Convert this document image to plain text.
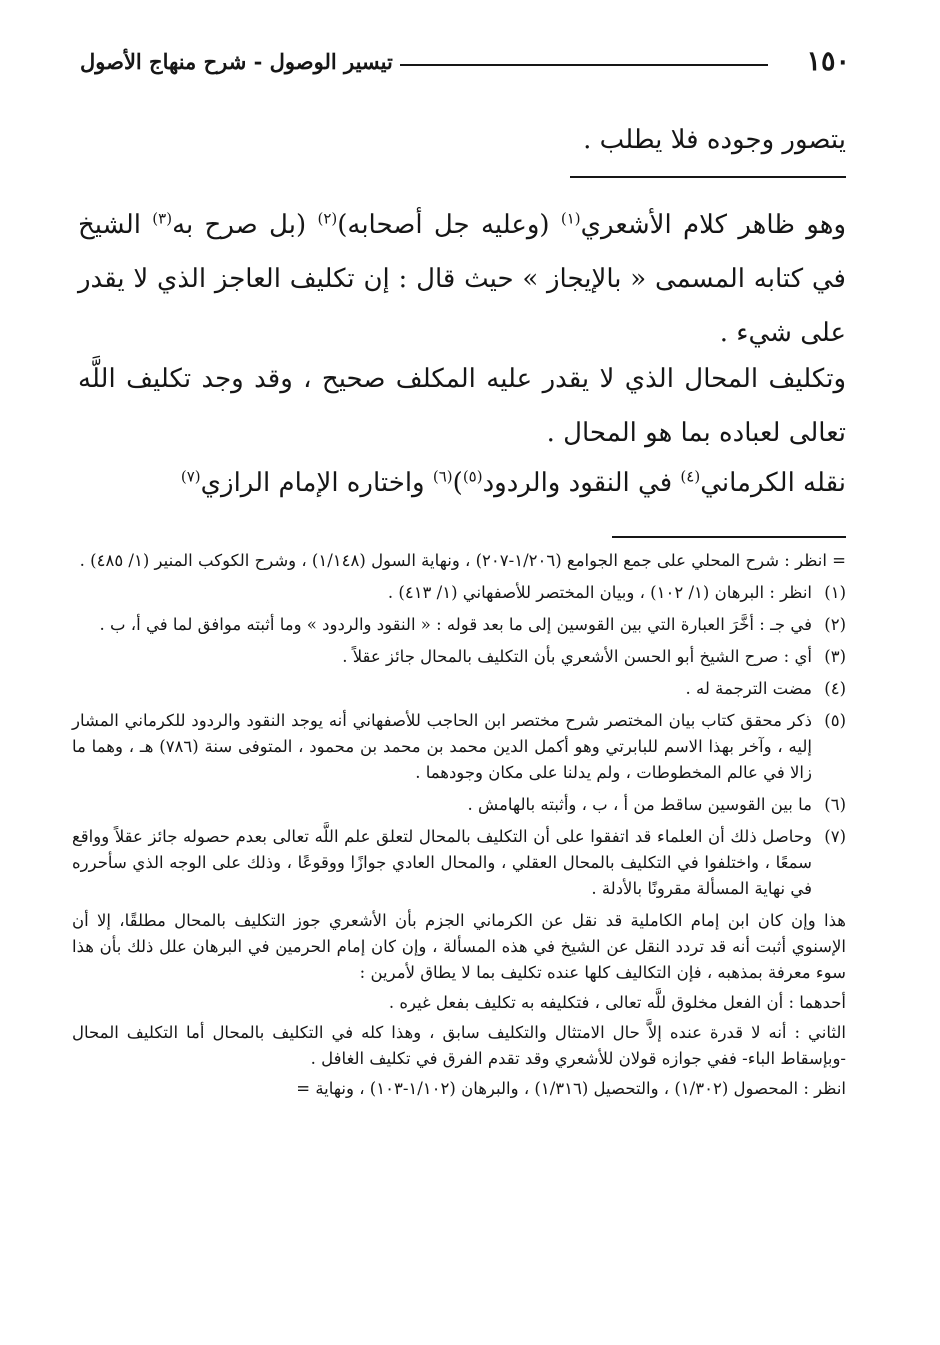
١٥٠
تيسير الوصول - شرح منهاج الأصول
يتصور وجوده فلا يطلب .
وهو ظاهر كلام الأشعري$^{(١)}$ (وعليه جل أصحابه)$^{(٢)}$ (بل صرح به$^{(٣)}$ الشيخ في كتابه المسمى « بالإيجاز » حيث قال : إن تكليف العاجز الذي لا يقدر على شيء .
وتكليف المحال الذي لا يقدر عليه المكلف صحيح ، وقد وجد تكليف اللَّه تعالى لعباده بما هو المحال .
نقله الكرماني$^{(٤)}$ في النقود والردود$^{(٥)}$)$^{(٦)}$ واختاره الإمام الرازي$^{(٧)}$
= انظر : شرح المحلي على جمع الجوامع (١/٢٠٦-٢٠٧) ، ونهاية السول (١/١٤٨) ، وشرح الكوكب المنير (١/ ٤٨٥) .
(١)
انظر : البرهان (١/ ١٠٢) ، وبيان المختصر للأصفهاني (١/ ٤١٣) .
(٢)
في جـ : أخَّرَ العبارة التي بين القوسين إلى ما بعد قوله : « النقود والردود » وما أثبته موافق لما في أ، ب .
(٣)
أي : صرح الشيخ أبو الحسن الأشعري بأن التكليف بالمحال جائز عقلاً .
(٤)
مضت الترجمة له .
(٥)
ذكر محقق كتاب بيان المختصر شرح مختصر ابن الحاجب للأصفهاني أنه يوجد النقود والردود للكرماني المشار إليه ، وآخر بهذا الاسم للبابرتي وهو أكمل الدين محمد بن محمد بن محمود ، المتوفى سنة (٧٨٦) هـ ، وهما ما زالا في عالم المخطوطات ، ولم يدلنا على مكان وجودهما .
(٦)
ما بين القوسين ساقط من أ ، ب ، وأثبته بالهامش .
(٧)
وحاصل ذلك أن العلماء قد اتفقوا على أن التكليف بالمحال لتعلق علم اللَّه تعالى بعدم حصوله جائز عقلاً وواقع سمعًا ، واختلفوا في التكليف بالمحال العقلي ، والمحال العادي جوازًا ووقوعًا ، وذلك على الوجه الذي سأحرره في نهاية المسألة مقرونًا بالأدلة .

هذا وإن كان ابن إمام الكاملية قد نقل عن الكرماني الجزم بأن الأشعري جوز التكليف بالمحال مطلقًا، إلا أن الإسنوي أثبت أنه قد تردد النقل عن الشيخ في هذه المسألة ، وإن كان إمام الحرمين في البرهان علل ذلك بأن هذا سوء معرفة بمذهبه ، فإن التكاليف كلها عنده تكليف بما لا يطاق لأمرين :

أحدهما : أن الفعل مخلوق للَّه تعالى ، فتكليفه به تكليف بفعل غيره .

الثاني : أنه لا قدرة عنده إلاَّ حال الامتثال والتكليف سابق ، وهذا كله في التكليف بالمحال أما التكليف المحال -وبإسقاط الباء- ففي جوازه قولان للأشعري وقد تقدم الفرق في تكليف الغافل .

انظر : المحصول (١/٣٠٢) ، والتحصيل (١/٣١٦) ، والبرهان (١/١٠٢-١٠٣) ، ونهاية =
